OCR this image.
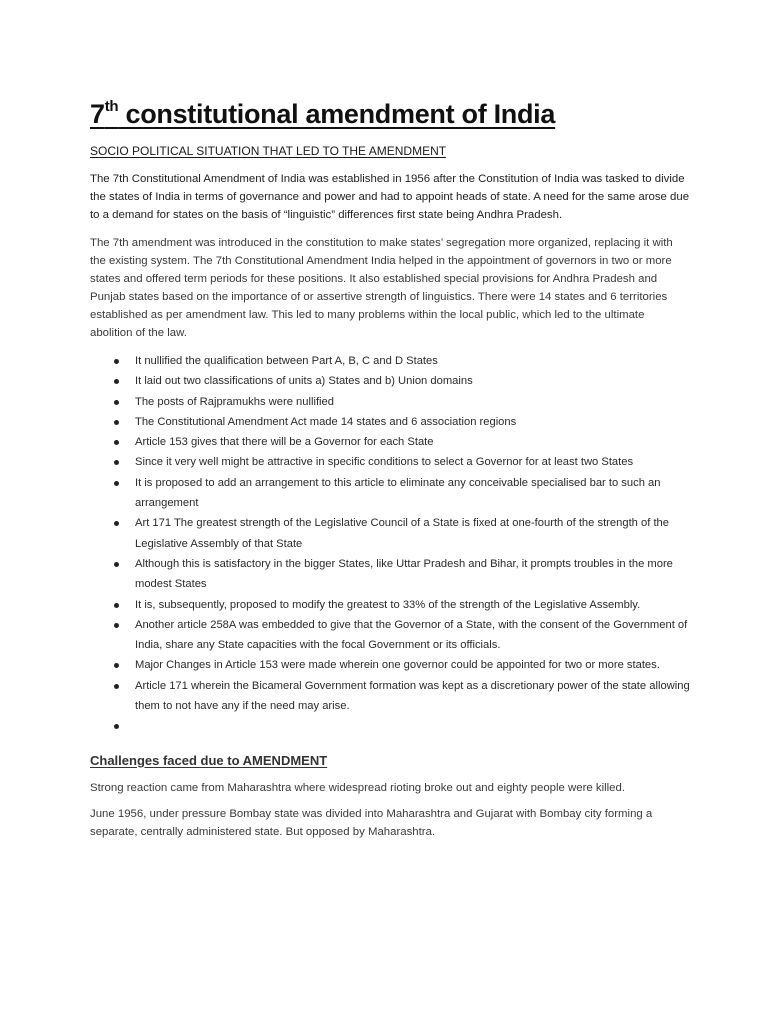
7th constitutional amendment of India
SOCIO POLITICAL SITUATION THAT LED TO THE AMENDMENT

The 7th Constitutional Amendment of India was established in 1956 after the Constitution of India was tasked to divide the states of India in terms of governance and power and had to appoint heads of state. A need for the same arose due to a demand for states on the basis of “linguistic” differences first state being Andhra Pradesh.

The 7th amendment was introduced in the constitution to make states’ segregation more organized, replacing it with the existing system. The 7th Constitutional Amendment India helped in the appointment of governors in two or more states and offered term periods for these positions. It also established special provisions for Andhra Pradesh and Punjab states based on the importance of or assertive strength of linguistics. There were 14 states and 6 territories established as per amendment law. This led to many problems within the local public, which led to the ultimate abolition of the law.

It nullified the qualification between Part A, B, C and D States
It laid out two classifications of units a) States and b) Union domains
The posts of Rajpramukhs were nullified
The Constitutional Amendment Act made 14 states and 6 association regions
Article 153 gives that there will be a Governor for each State
Since it very well might be attractive in specific conditions to select a Governor for at least two States
It is proposed to add an arrangement to this article to eliminate any conceivable specialised bar to such an arrangement
Art 171 The greatest strength of the Legislative Council of a State is fixed at one-fourth of the strength of the Legislative Assembly of that State
Although this is satisfactory in the bigger States, like Uttar Pradesh and Bihar, it prompts troubles in the more modest States
It is, subsequently, proposed to modify the greatest to 33% of the strength of the Legislative Assembly.
Another article 258A was embedded to give that the Governor of a State, with the consent of the Government of India, share any State capacities with the focal Government or its officials.
Major Changes in Article 153 were made wherein one governor could be appointed for two or more states.
Article 171 wherein the Bicameral Government formation was kept as a discretionary power of the state allowing them to not have any if the need may arise.
Challenges faced due to AMENDMENT

Strong reaction came from Maharashtra where widespread rioting broke out and eighty people were killed.

June 1956, under pressure Bombay state was divided into Maharashtra and Gujarat with Bombay city forming a separate, centrally administered state. But opposed by Maharashtra.
